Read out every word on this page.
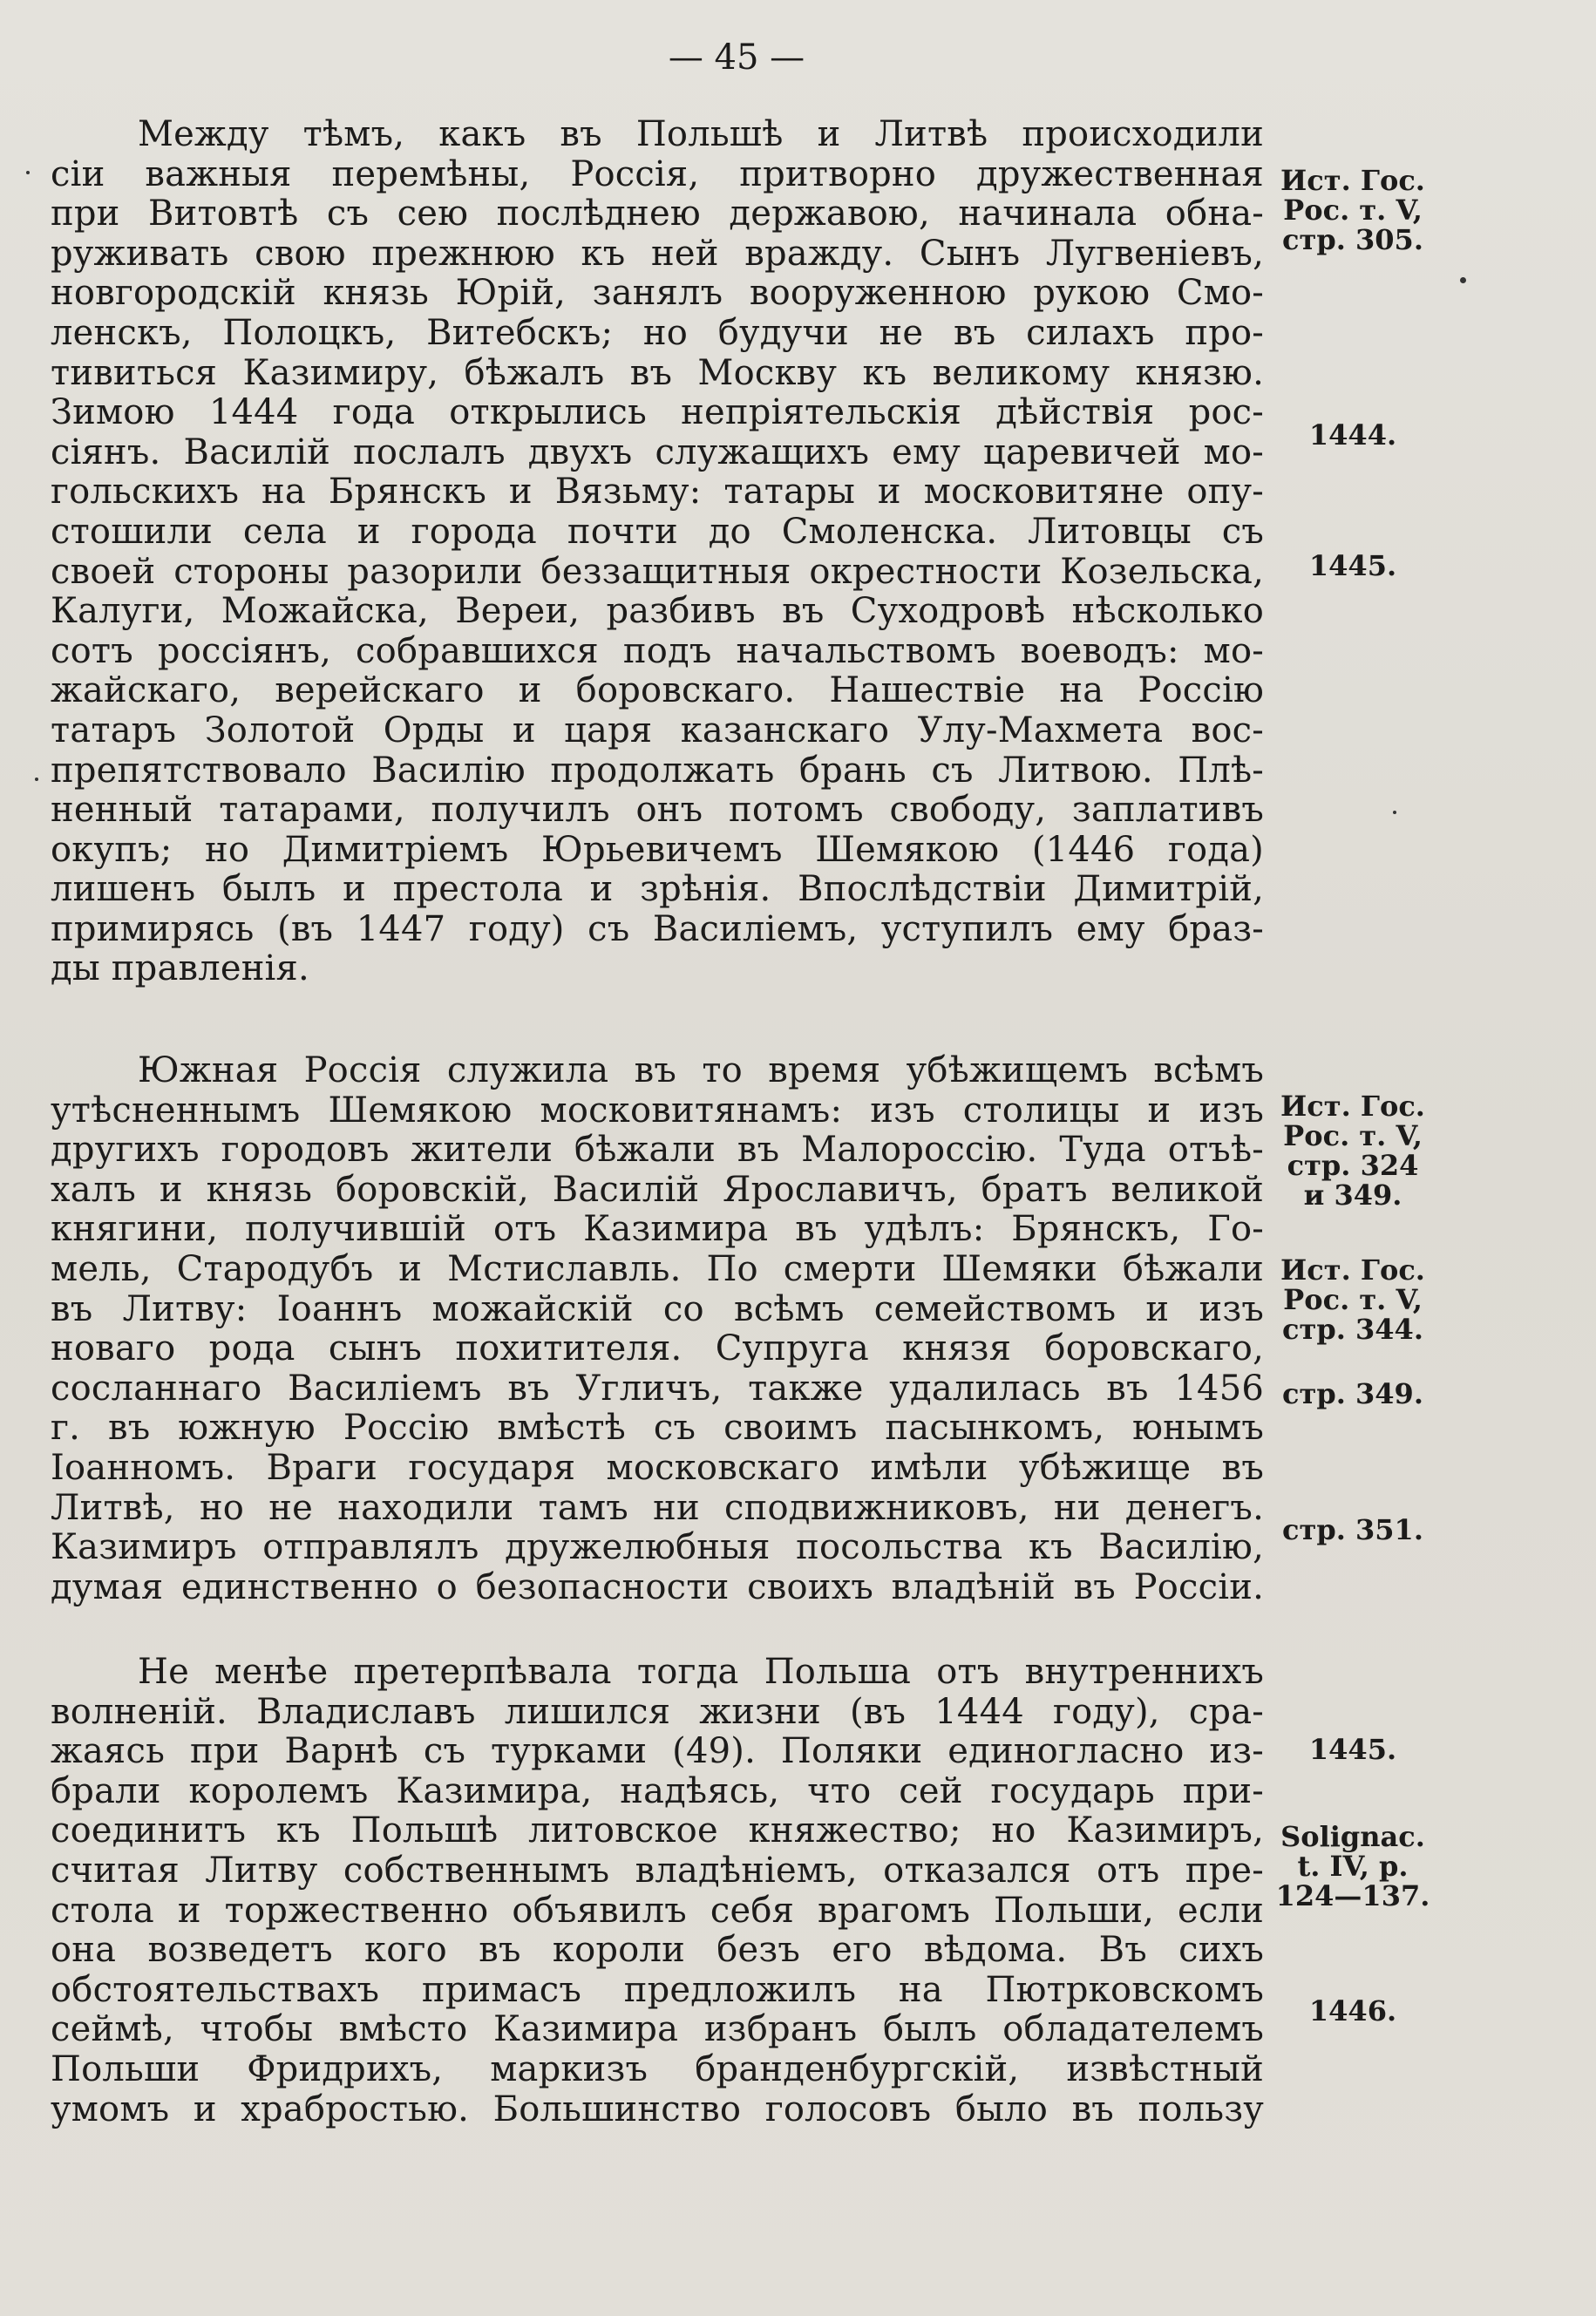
— 45 —
Между тѣмъ, какъ въ Польшѣ и Литвѣ происходили
сіи важныя перемѣны, Россія, притворно дружественная
при Витовтѣ съ сею послѣднею державою, начинала обна-
руживать свою прежнюю къ ней вражду. Сынъ Лугвеніевъ,
новгородскій князь Юрій, занялъ вооруженною рукою Смо-
ленскъ, Полоцкъ, Витебскъ; но будучи не въ силахъ про-
тивиться Казимиру, бѣжалъ въ Москву къ великому князю.
Зимою 1444 года открылись непріятельскія дѣйствія рос-
сіянъ. Василій послалъ двухъ служащихъ ему царевичей мо-
гольскихъ на Брянскъ и Вязьму: татары и московитяне опу-
стошили села и города почти до Смоленска. Литовцы съ
своей стороны разорили беззащитныя окрестности Козельска,
Калуги, Можайска, Вереи, разбивъ въ Суходровѣ нѣсколько
сотъ россіянъ, собравшихся подъ начальствомъ воеводъ: мо-
жайскаго, верейскаго и боровскаго. Нашествіе на Россію
татаръ Золотой Орды и царя казанскаго Улу-Махмета вос-
препятствовало Василію продолжать брань съ Литвою. Плѣ-
ненный татарами, получилъ онъ потомъ свободу, заплативъ
окупъ; но Димитріемъ Юрьевичемъ Шемякою (1446 года)
лишенъ былъ и престола и зрѣнія. Впослѣдствіи Димитрій,
примирясь (въ 1447 году) съ Василіемъ, уступилъ ему браз-
ды правленія.
Южная Россія служила въ то время убѣжищемъ всѣмъ
утѣсненнымъ Шемякою московитянамъ: изъ столицы и изъ
другихъ городовъ жители бѣжали въ Малороссію. Туда отъѣ-
халъ и князь боровскій, Василій Ярославичъ, братъ великой
княгини, получившій отъ Казимира въ удѣлъ: Брянскъ, Го-
мель, Стародубъ и Мстиславль. По смерти Шемяки бѣжали
въ Литву: Іоаннъ можайскій со всѣмъ семействомъ и изъ
новаго рода сынъ похитителя. Супруга князя боровскаго,
сосланнаго Василіемъ въ Угличъ, также удалилась въ 1456
г. въ южную Россію вмѣстѣ съ своимъ пасынкомъ, юнымъ
Іоанномъ. Враги государя московскаго имѣли убѣжище въ
Литвѣ, но не находили тамъ ни сподвижниковъ, ни денегъ.
Казимиръ отправлялъ дружелюбныя посольства къ Василію,
думая единственно о безопасности своихъ владѣній въ Россіи.
Не менѣе претерпѣвала тогда Польша отъ внутреннихъ
волненій. Владиславъ лишился жизни (въ 1444 году), сра-
жаясь при Варнѣ съ турками (49). Поляки единогласно из-
брали королемъ Казимира, надѣясь, что сей государь при-
соединитъ къ Польшѣ литовское княжество; но Казимиръ,
считая Литву собственнымъ владѣніемъ, отказался отъ пре-
стола и торжественно объявилъ себя врагомъ Польши, если
она возведетъ кого въ короли безъ его вѣдома. Въ сихъ
обстоятельствахъ примасъ предложилъ на Пютрковскомъ
сеймѣ, чтобы вмѣсто Казимира избранъ былъ обладателемъ
Польши Фридрихъ, маркизъ бранденбургскій, извѣстный
умомъ и храбростью. Большинство голосовъ было въ пользу
Ист. Гос.
Рос. т. V,
стр. 305.
1444.
1445.
Ист. Гос.
Рос. т. V,
стр. 324
и 349.
Ист. Гос.
Рос. т. V,
стр. 344.
стр. 349.
стр. 351.
1445.
Solignac.
t. IV, p.
124—137.
1446.
